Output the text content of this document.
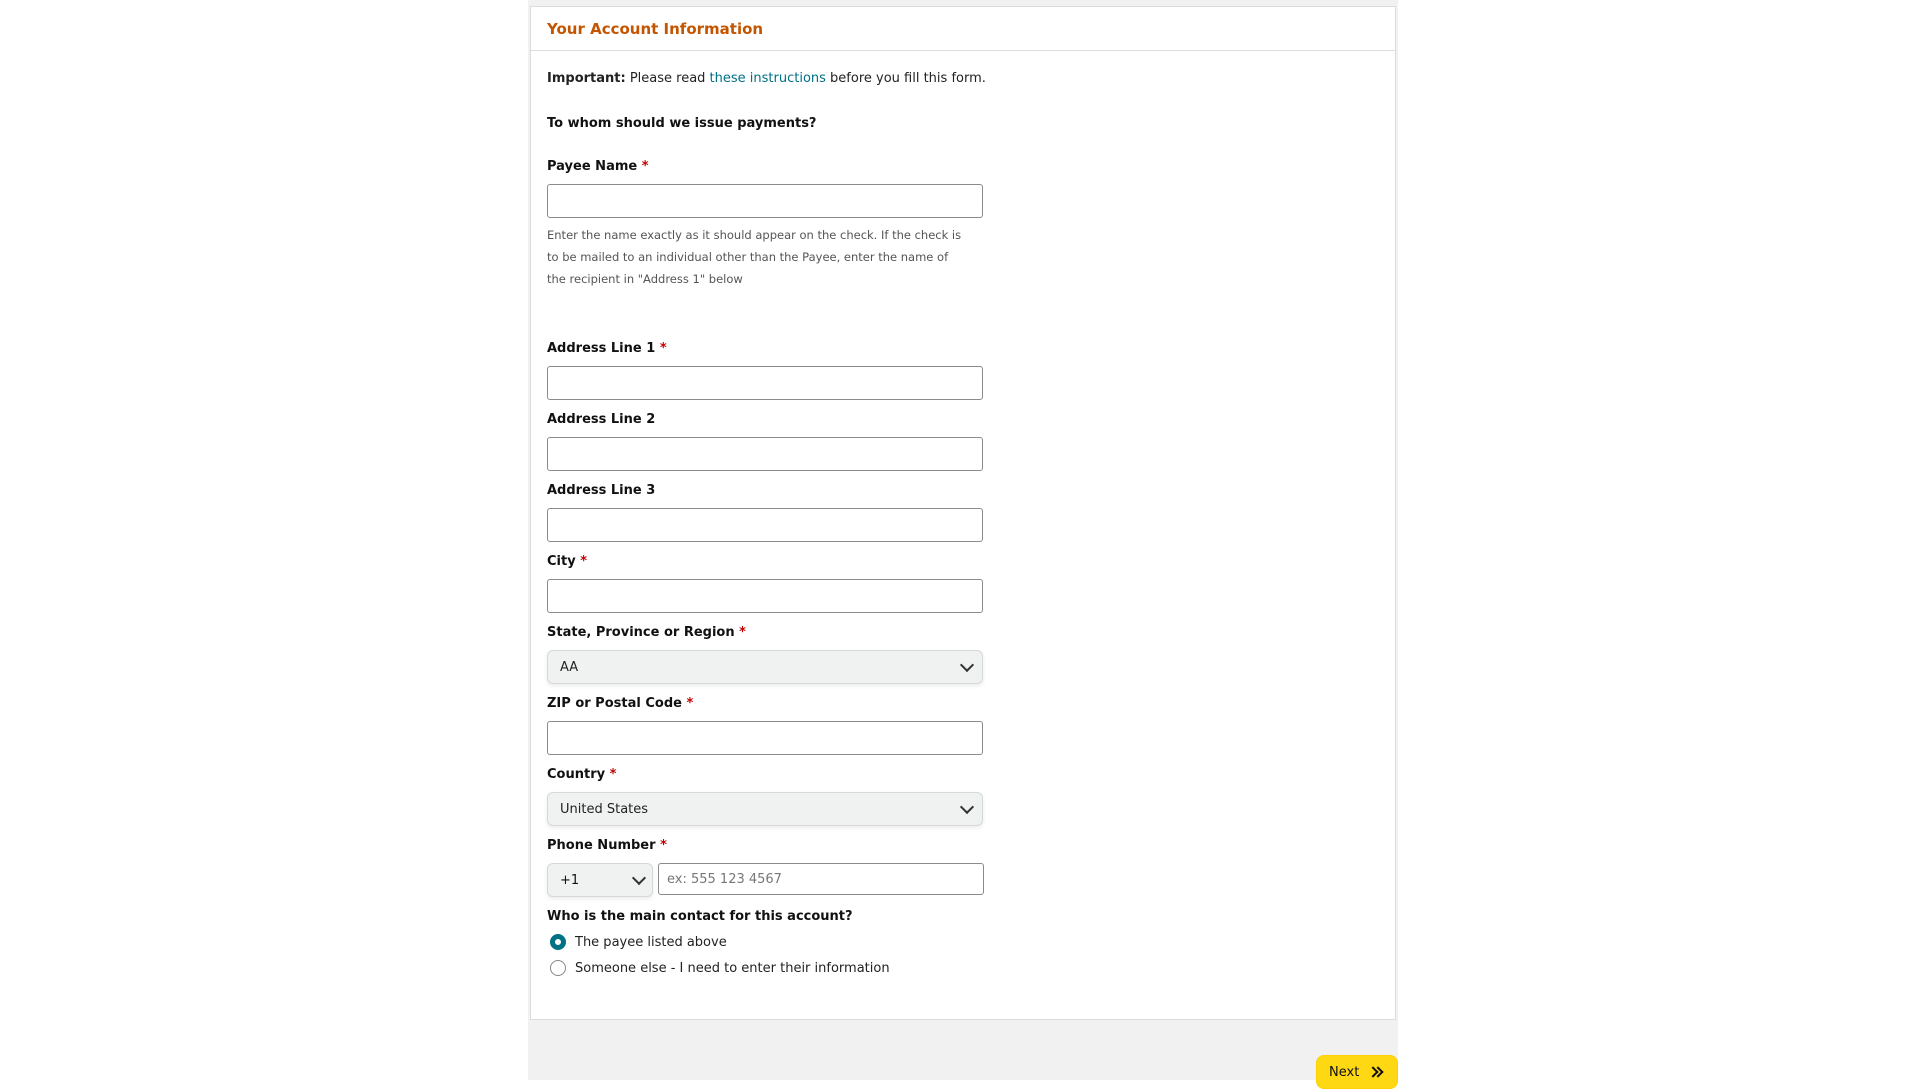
Your Account Information
Important: Please read these instructions before you fill this form.
To whom should we issue payments?
Payee Name *
Enter the name exactly as it should appear on the check. If the check is to be mailed to an individual other than the Payee, enter the name of the recipient in "Address 1" below
Address Line 1 *
Address Line 2
Address Line 3
City *
State, Province or Region *
AA
ZIP or Postal Code *
Country *
United States
Phone Number *
+1
ex: 555 123 4567
Who is the main contact for this account?
The payee listed above
Someone else - I need to enter their information
Next
